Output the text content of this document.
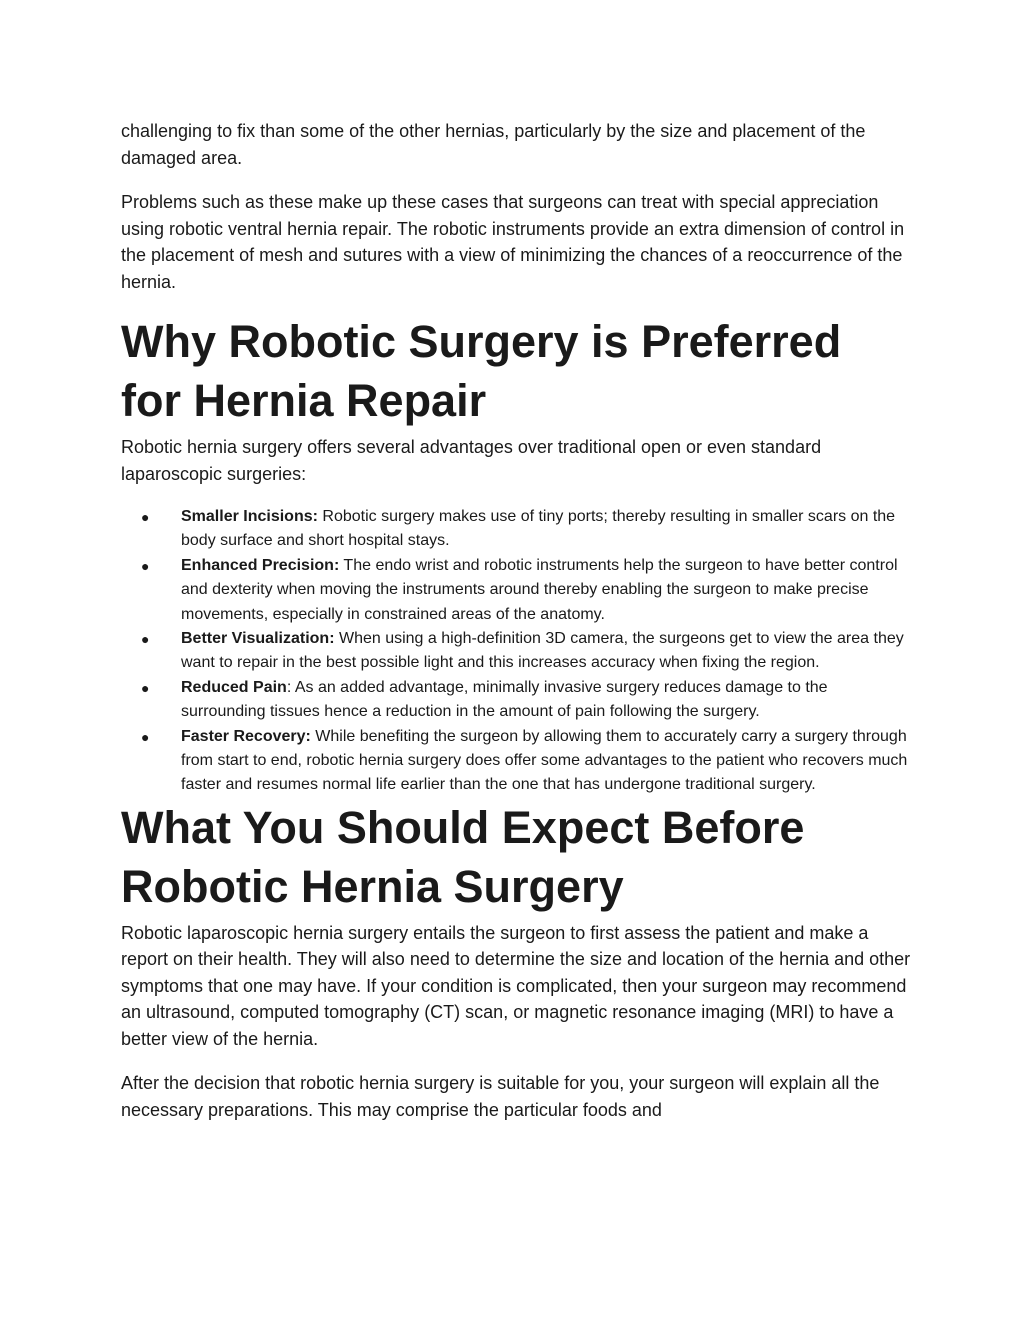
challenging to fix than some of the other hernias, particularly by the size and placement of the damaged area.

Problems such as these make up these cases that surgeons can treat with special appreciation using robotic ventral hernia repair. The robotic instruments provide an extra dimension of control in the placement of mesh and sutures with a view of minimizing the chances of a reoccurrence of the hernia.

Why Robotic Surgery is Preferred for Hernia Repair

Robotic hernia surgery offers several advantages over traditional open or even standard laparoscopic surgeries:

● Smaller Incisions: Robotic surgery makes use of tiny ports; thereby resulting in smaller scars on the body surface and short hospital stays.
● Enhanced Precision: The endo wrist and robotic instruments help the surgeon to have better control and dexterity when moving the instruments around thereby enabling the surgeon to make precise movements, especially in constrained areas of the anatomy.
● Better Visualization: When using a high-definition 3D camera, the surgeons get to view the area they want to repair in the best possible light and this increases accuracy when fixing the region.
● Reduced Pain: As an added advantage, minimally invasive surgery reduces damage to the surrounding tissues hence a reduction in the amount of pain following the surgery.
● Faster Recovery: While benefiting the surgeon by allowing them to accurately carry a surgery through from start to end, robotic hernia surgery does offer some advantages to the patient who recovers much faster and resumes normal life earlier than the one that has undergone traditional surgery.
What You Should Expect Before Robotic Hernia Surgery

Robotic laparoscopic hernia surgery entails the surgeon to first assess the patient and make a report on their health. They will also need to determine the size and location of the hernia and other symptoms that one may have. If your condition is complicated, then your surgeon may recommend an ultrasound, computed tomography (CT) scan, or magnetic resonance imaging (MRI) to have a better view of the hernia.

After the decision that robotic hernia surgery is suitable for you, your surgeon will explain all the necessary preparations. This may comprise the particular foods and
